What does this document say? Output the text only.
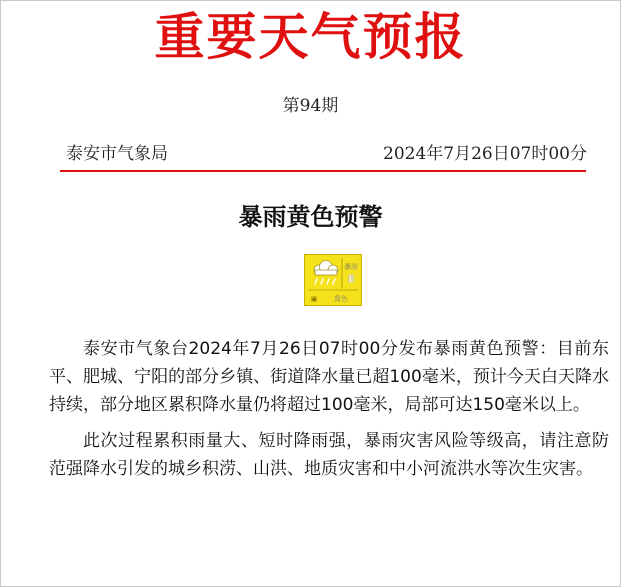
重要天气预报
第94期
泰安市气象局	2024年7月26日07时00分
暴雨黄色预警
暴雨
▓
▣ 黄色

泰安市气象台2024年7月26日07时00分发布暴雨黄色预警：目前东平、肥城、宁阳的部分乡镇、街道降水量已超100毫米，预计今天白天降水持续，部分地区累积降水量仍将超过100毫米，局部可达150毫米以上。

此次过程累积雨量大、短时降雨强，暴雨灾害风险等级高，请注意防范强降水引发的城乡积涝、山洪、地质灾害和中小河流洪水等次生灾害。
